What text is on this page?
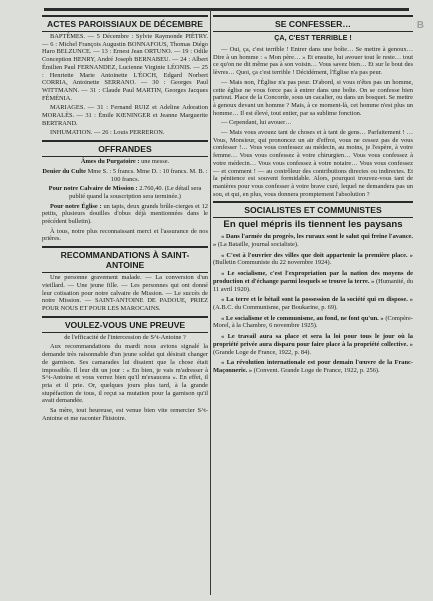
B
ACTES PAROISSIAUX DE DÉCEMBRE

BAPTÊMES. — 5 Décembre : Sylvie Raymonde PIÉTRY. — 6 : Michel François Augustin BONNAFOUS, Thomas Diégo Haro BELZUNCE. — 13 : Ernest Jean ORTUNO. — 19 : Odile Conception HENRY, André Joseph BERNABEU. — 24 : Albert Émilien Paul FERNANDEZ, Lucienne Virginie LÉONIS. — 25 : Henriette Marie Antoinette L'ÉOCH, Edgard Norbert CORRIA, Antoinette SERRANO. — 30 : Georges Paul WITTMANN. — 31 : Claude Paul MARTIN, Georges Jacques FÉMÉNIA.

MARIAGES. — 31 : Fernand RUIZ et Adeline Adoration MORALÈS. — 31 : Émile KŒNINGER et Jeanne Marguerite BERTRAND.

INHUMATION. — 26 : Louis PERRERON.

OFFRANDES

Âmes du Purgatoire : une messe.

Denier du Culte Mme S. : 5 francs. Mme D. : 10 francs. M. B. : 100 francs.

Pour notre Calvaire de Mission : 2.760,40. (Le détail sera publié quand la souscription sera terminée.)

Pour notre Église : un tapis, deux grands brûle-cierges et 12 petits, plusieurs douilles d'obus déjà mentionnées dans le précédent bulletin).

À tous, notre plus reconnaissant merci et l'assurance de nos prières.

RECOMMANDATIONS À SAINT-ANTOINE

Une personne gravement malade. — La conversion d'un vieillard. — Une jeune fille. — Les personnes qui ont donné leur cotisation pour notre calvaire de Mission. — Le succès de notre Mission. — SAINT-ANTOINE DE PADOUE, PRIEZ POUR NOUS ET POUR LES MAROCAINS.

VOULEZ-VOUS UNE PREUVE

de l'efficacité de l'intercession de S^t-Antoine ?

Aux recommandations du mardi nous avions signalé la demande très raisonnable d'un jeune soldat qui désirait changer de garnison. Ses camarades lui disaient que la chose était impossible. Il leur dit un jour : « En bien, je vais m'adresser à S^t-Antoine et vous verrez bien qu'il m'exaucera ». En effet, il pria et il prie. Or, quelques jours plus tard, à la grande stupéfaction de tous, il reçut sa mutation pour la garnison qu'il avait demandée.

Sa mère, tout heureuse, est venue bien vite remercier S^t-Antoine et me raconter l'histoire.

SE CONFESSER…
ÇA, C'EST TERRIBLE !

— Oui, ça, c'est terrible ! Entrer dans une boîte… Se mettre à genoux… Dire à un homme : « Mon père… » Et ensuite, lui avouer tout le reste… tout ce qu'on ne dit même pas à son voisin… Vous savez bien… Et sur le bout des lèvres… Quoi, ça c'est terrible ! Décidément, l'Église n'a pas peur.

— Mais non, l'Église n'a pas peur. D'abord, si vous n'êtes pas un homme, cette église ne vous force pas à entrer dans une boîte. On se confesse bien partout. Place de la Concorde, sous un cacalier, ou dans un bosquet. Se mettre à genoux devant un homme ? Mais, à ce moment-là, cet homme n'est plus un homme… Il est élevé, tout entier, par sa sublime fonction.

— Cependant, lui avouer…

— Mais vous avouez tant de choses et à tant de gens… Parfaitement ! … Vous, Monsieur, qui prononcez un air d'effroi, vous ne cessez pas de vous confesser !… Vous vous confessez au médecin, au moins, je l'espère, à votre femme… Vous vous confessez à votre chirurgien… Vous vous confessez à votre médecin… Vous vous confessez à votre notaire… Vous vous confessez — et comment ! — au contrôleur des contributions directes ou indirectes. Et la pénitence est souvent formidable. Alors, pourquoi trouvez-vous tant de manières pour vous confesser à votre brave curé, lequel ne demandera pas un sou, et qui, en plus, vous donnera promptement l'absolution ?

SOCIALISTES ET COMMUNISTES
En quel mépris ils tiennent les paysans

« Dans l'armée du progrès, les ruraux sont le salut qui freine l'avance. » (La Bataille, journal socialiste).

« C'est à l'ouvrier des villes que doit appartenir la première place. » (Bulletin Communiste du 22 novembre 1924).

« Le socialisme, c'est l'expropriation par la nation des moyens de production et d'échange parmi lesquels se trouve la terre. » (Humanité, du 11 avril 1920).

« La terre et le bétail sont la possession de la société qui en dispose. » (A.B.C. du Communisme, par Boukarine, p. 69).

« Le socialisme et le communisme, au fond, ne font qu'un. » (Compère-Morel, à la Chambre, 6 novembre 1925).

« Le travail aura sa place et sera la loi pour tous le jour où la propriété privée aura disparu pour faire place à la propriété collective. » (Grande Loge de France, 1922, p. 84).

« La révolution internationale est pour demain l'œuvre de la Franc-Maçonnerie. » (Convent. Grande Loge de France, 1922, p. 256).
